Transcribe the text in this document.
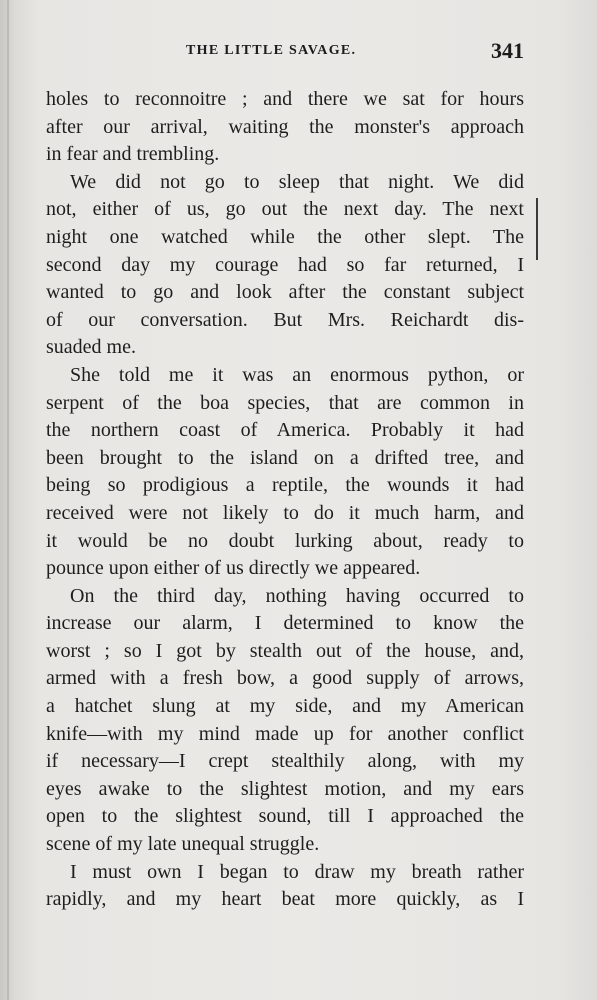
THE LITTLE SAVAGE.	341
holes to reconnoitre ; and there we sat for hours
after our arrival, waiting the monster's approach
in fear and trembling.
We did not go to sleep that night. We did
not, either of us, go out the next day. The next
night one watched while the other slept. The
second day my courage had so far returned, I
wanted to go and look after the constant subject
of our conversation. But Mrs. Reichardt dis-
suaded me.
She told me it was an enormous python, or
serpent of the boa species, that are common in
the northern coast of America. Probably it had
been brought to the island on a drifted tree, and
being so prodigious a reptile, the wounds it had
received were not likely to do it much harm, and
it would be no doubt lurking about, ready to
pounce upon either of us directly we appeared.
On the third day, nothing having occurred to
increase our alarm, I determined to know the
worst ; so I got by stealth out of the house, and,
armed with a fresh bow, a good supply of arrows,
a hatchet slung at my side, and my American
knife—with my mind made up for another conflict
if necessary—I crept stealthily along, with my
eyes awake to the slightest motion, and my ears
open to the slightest sound, till I approached the
scene of my late unequal struggle.
I must own I began to draw my breath rather
rapidly, and my heart beat more quickly, as I
